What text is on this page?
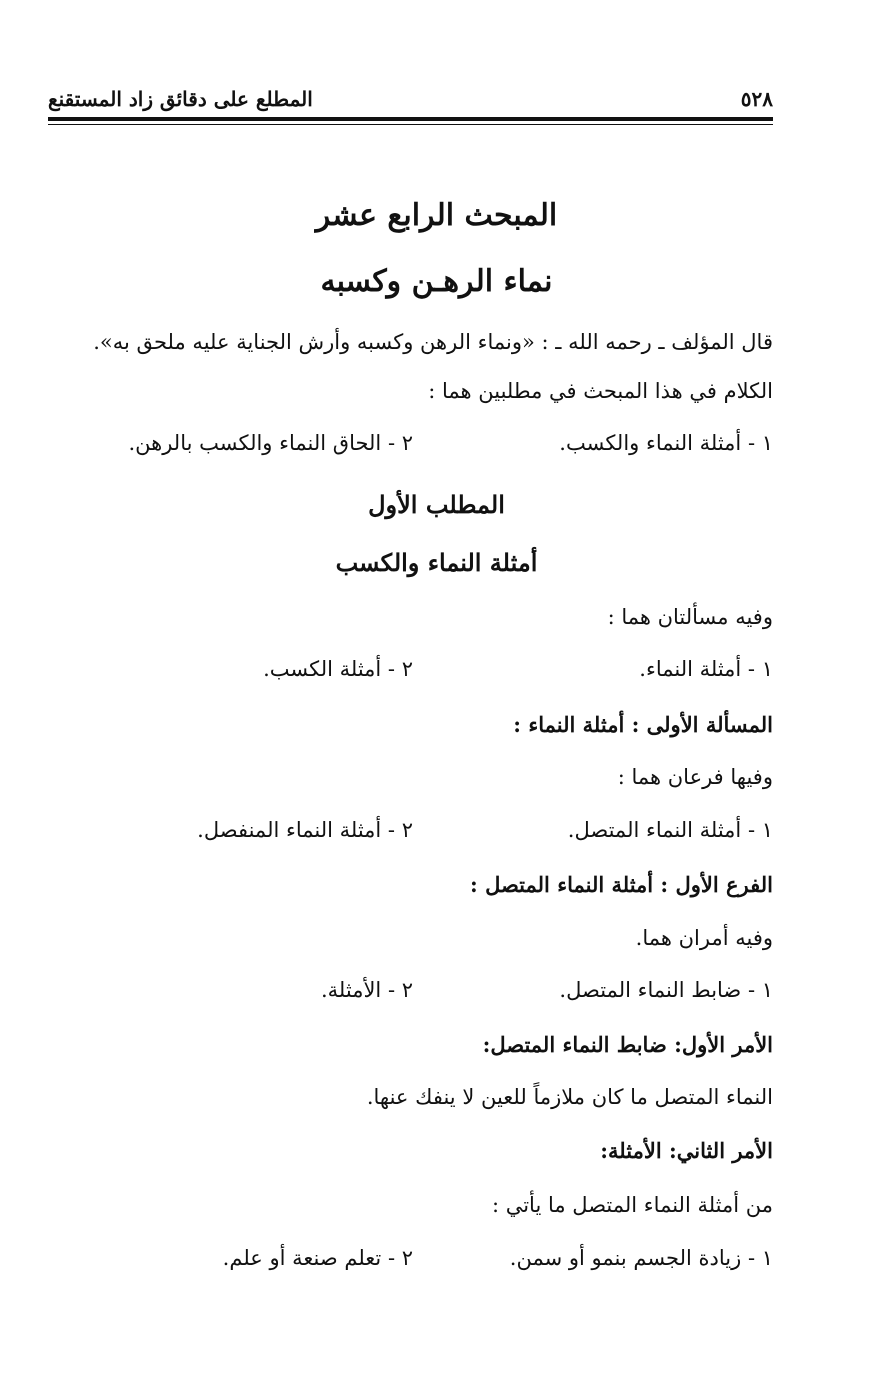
٥٢٨
المطلع على دقائق زاد المستقنع
المبحث الرابع عشر
نماء الرهـن وكسبه
قال المؤلف ـ رحمه الله ـ : «ونماء الرهن وكسبه وأرش الجناية عليه ملحق به».
الكلام في هذا المبحث في مطلبين هما :
١ - أمثلة النماء والكسب.
٢ - الحاق النماء والكسب بالرهن.
المطلب الأول
أمثلة النماء والكسب
وفيه مسألتان هما :
١ - أمثلة النماء.
٢ - أمثلة الكسب.
المسألة الأولى : أمثلة النماء :
وفيها فرعان هما :
١ - أمثلة النماء المتصل.
٢ - أمثلة النماء المنفصل.
الفرع الأول : أمثلة النماء المتصل :
وفيه أمران هما.
١ - ضابط النماء المتصل.
٢ - الأمثلة.
الأمر الأول: ضابط النماء المتصل:
النماء المتصل ما كان ملازماً للعين لا ينفك عنها.
الأمر الثاني: الأمثلة:
من أمثلة النماء المتصل ما يأتي :
١ - زيادة الجسم بنمو أو سمن.
٢ - تعلم صنعة أو علم.
